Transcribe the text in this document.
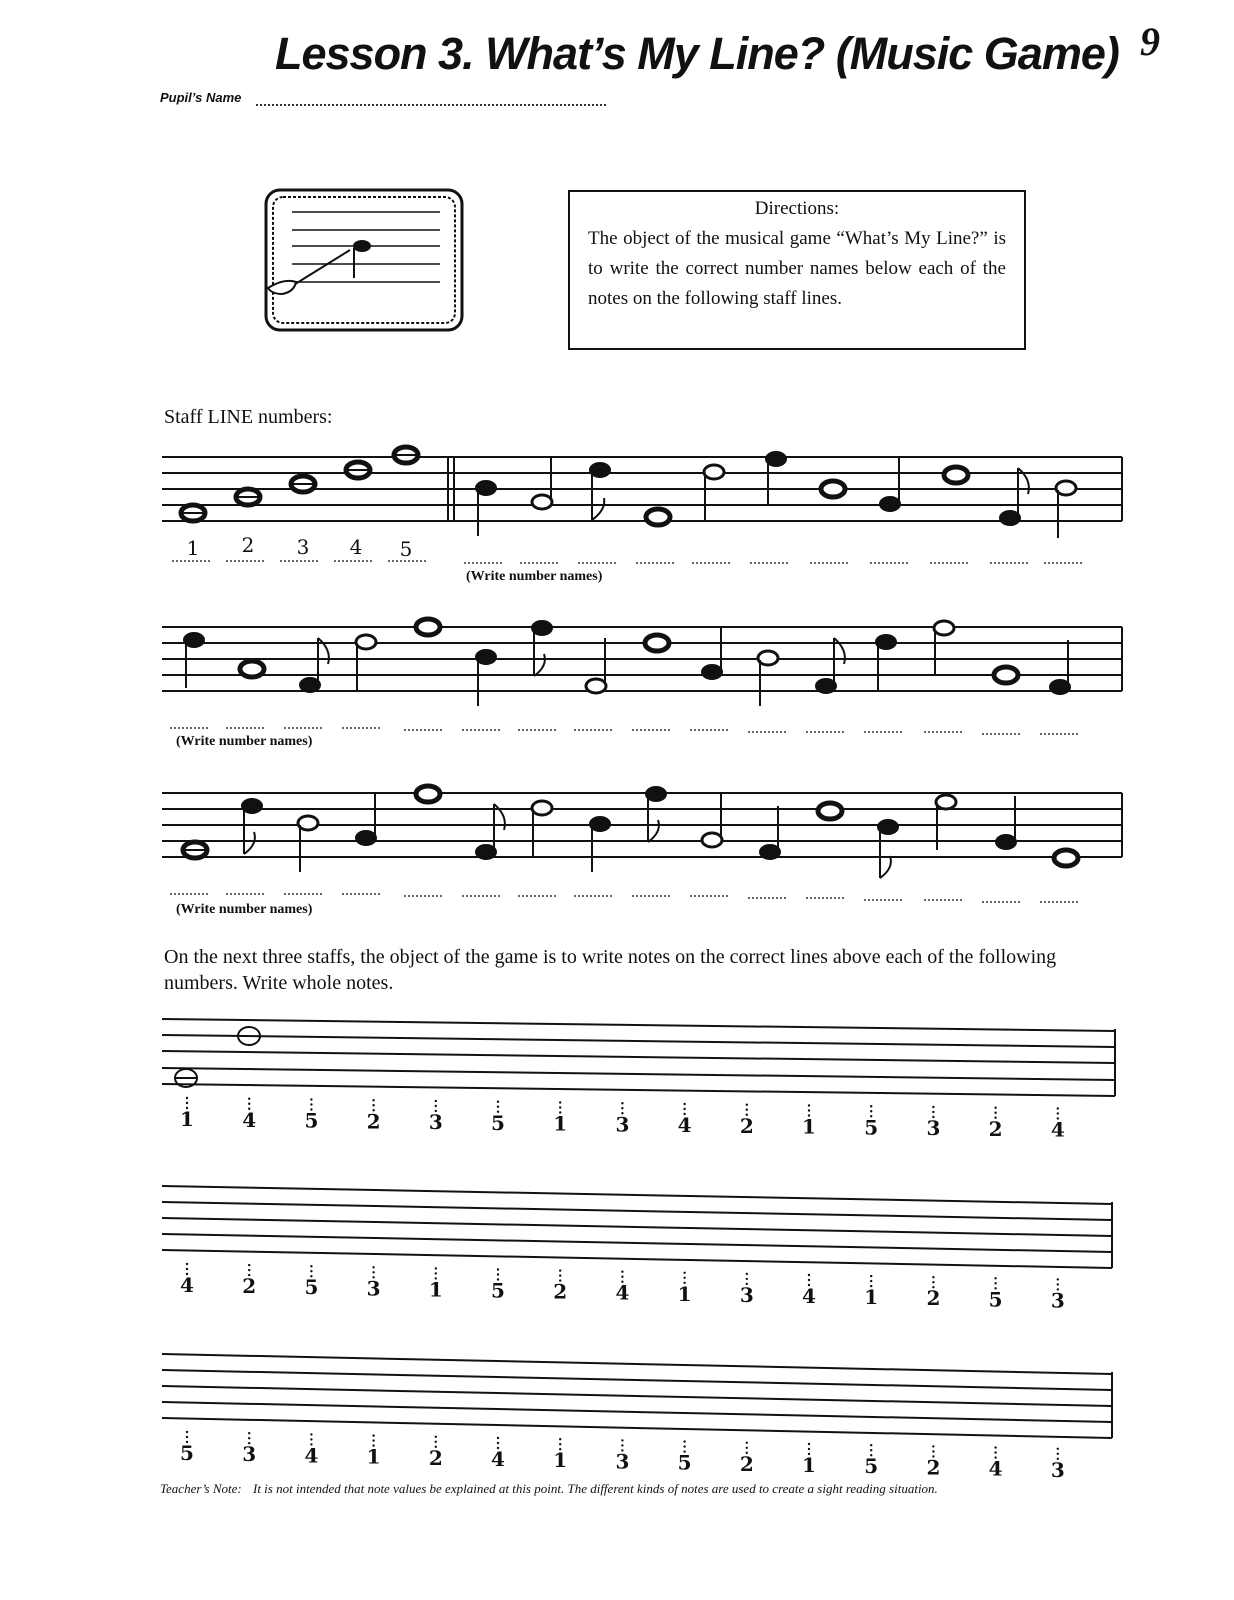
Lesson 3. What’s My Line? (Music Game) 9
Pupil’s Name
Directions:
The object of the musical game “What’s My Line?” is to write the correct number names below each of the notes on the following staff lines.
Staff LINE numbers:
1 2 3 4 5
(Write number names)
(Write number names)
(Write number names)
On the next three staffs, the object of the game is to write notes on the correct lines above each of the following numbers. Write whole notes.
1 4 5 2 3 5 1 3 4 2 1 5 3 2 4
4 2 5 3 1 5 2 4 1 3 4 1 2 5 3
5 3 4 1 2 4 1 3 5 2 1 5 2 4 3
Teacher’s Note: It is not intended that note values be explained at this point. The different kinds of notes are used to create a sight reading situation.
